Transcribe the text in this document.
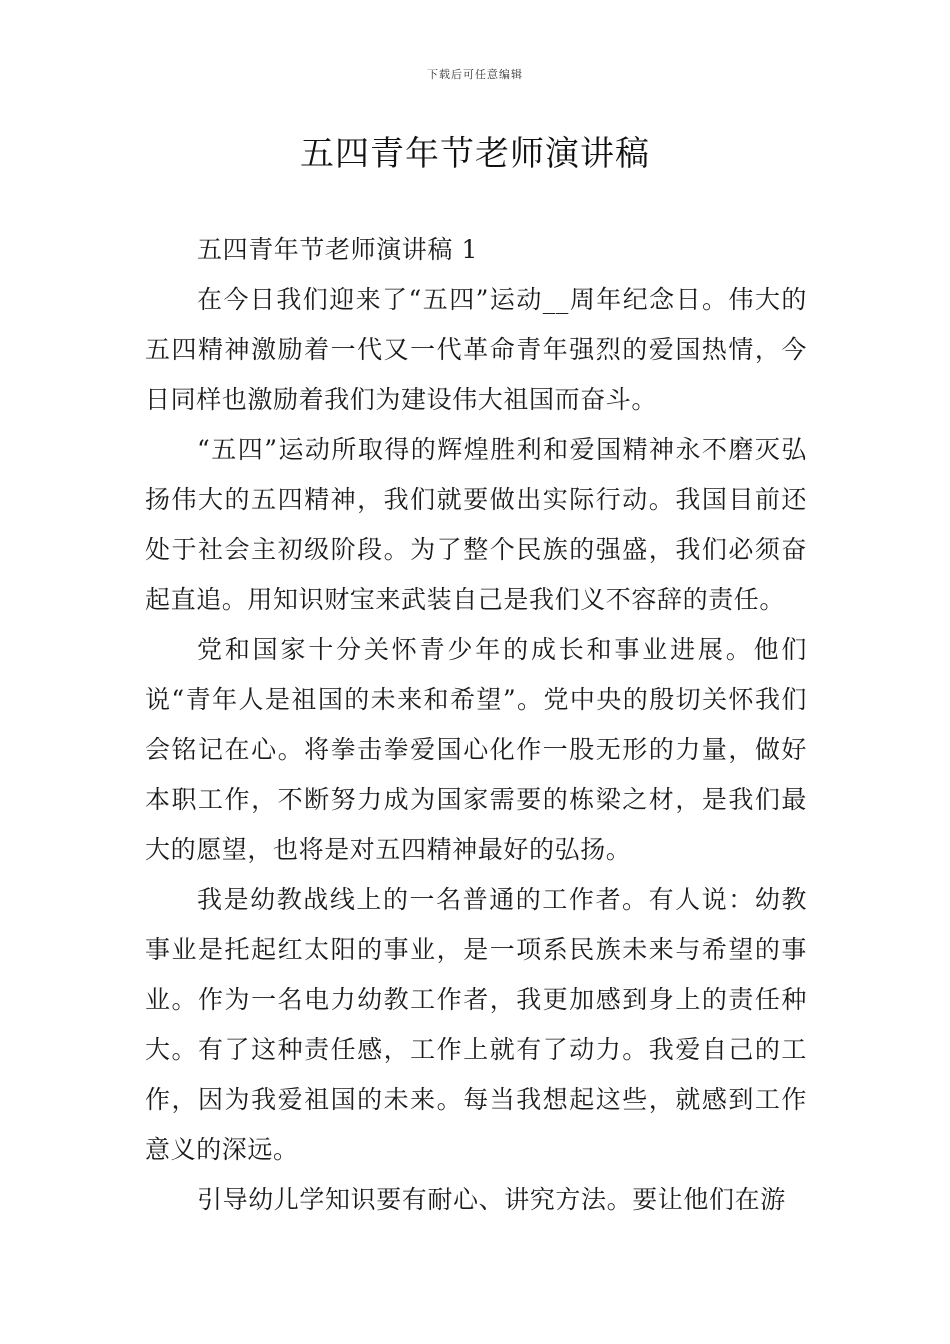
下载后可任意编辑
五四青年节老师演讲稿

五四青年节老师演讲稿 1

在今日我们迎来了“五四”运动__周年纪念日。伟大的五四精神激励着一代又一代革命青年强烈的爱国热情，今日同样也激励着我们为建设伟大祖国而奋斗。

“五四”运动所取得的辉煌胜利和爱国精神永不磨灭弘扬伟大的五四精神，我们就要做出实际行动。我国目前还处于社会主初级阶段。为了整个民族的强盛，我们必须奋起直追。用知识财宝来武装自己是我们义不容辞的责任。

党和国家十分关怀青少年的成长和事业进展。他们说“青年人是祖国的未来和希望”。党中央的殷切关怀我们会铭记在心。将拳击拳爱国心化作一股无形的力量，做好本职工作，不断努力成为国家需要的栋梁之材，是我们最大的愿望，也将是对五四精神最好的弘扬。

我是幼教战线上的一名普通的工作者。有人说：幼教事业是托起红太阳的事业，是一项系民族未来与希望的事业。作为一名电力幼教工作者，我更加感到身上的责任种大。有了这种责任感，工作上就有了动力。我爱自己的工作，因为我爱祖国的未来。每当我想起这些，就感到工作意义的深远。

引导幼儿学知识要有耐心、讲究方法。要让他们在游
